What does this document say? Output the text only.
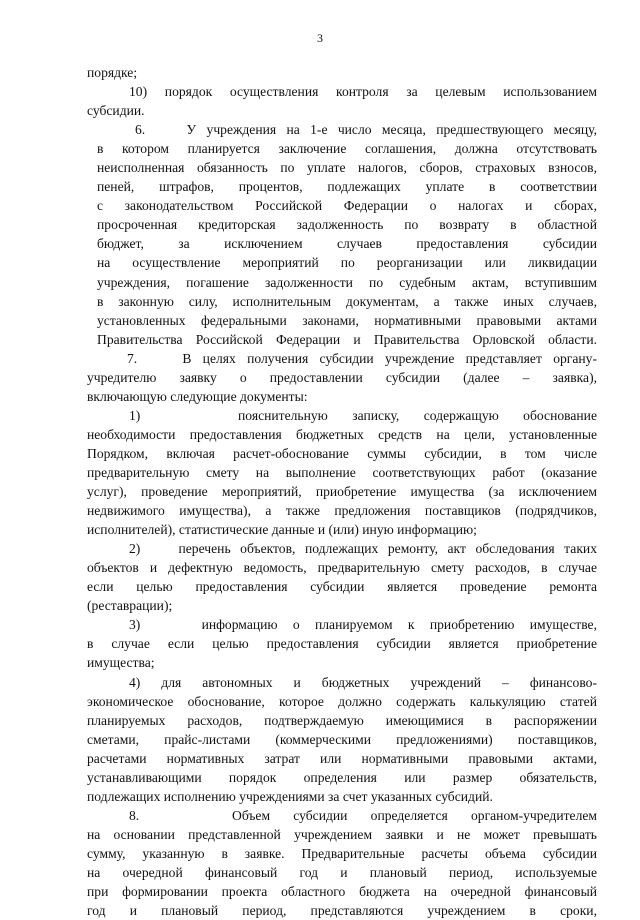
3
порядке;
10) порядок осуществления контроля за целевым использованием
субсидии.
6.    У учреждения на 1-е число месяца, предшествующего месяцу,
в котором планируется заключение соглашения, должна отсутствовать
неисполненная обязанность по уплате налогов, сборов, страховых взносов,
пеней, штрафов, процентов, подлежащих уплате в соответствии
с законодательством Российской Федерации о налогах и сборах,
просроченная кредиторская задолженность по возврату в областной
бюджет, за исключением случаев предоставления субсидии
на осуществление мероприятий по реорганизации или ликвидации
учреждения, погашение задолженности по судебным актам, вступившим
в законную силу, исполнительным документам, а также иных случаев,
установленных федеральными законами, нормативными правовыми актами
Правительства Российской Федерации и Правительства Орловской области.
7.    В целях получения субсидии учреждение представляет органу-
учредителю заявку о предоставлении субсидии (далее – заявка),
включающую следующие документы:
1)    пояснительную записку, содержащую обоснование
необходимости предоставления бюджетных средств на цели, установленные
Порядком, включая расчет-обоснование суммы субсидии, в том числе
предварительную смету на выполнение соответствующих работ (оказание
услуг), проведение мероприятий, приобретение имущества (за исключением
недвижимого имущества), а также предложения поставщиков (подрядчиков,
исполнителей), статистические данные и (или) иную информацию;
2)    перечень объектов, подлежащих ремонту, акт обследования таких
объектов и дефектную ведомость, предварительную смету расходов, в случае
если целью предоставления субсидии является проведение ремонта
(реставрации);
3)    информацию о планируемом к приобретению имуществе,
в случае если целью предоставления субсидии является приобретение
имущества;
4) для автономных и бюджетных учреждений – финансово-
экономическое обоснование, которое должно содержать калькуляцию статей
планируемых расходов, подтверждаемую имеющимися в распоряжении
сметами, прайс-листами (коммерческими предложениями) поставщиков,
расчетами нормативных затрат или нормативными правовыми актами,
устанавливающими порядок определения или размер обязательств,
подлежащих исполнению учреждениями за счет указанных субсидий.
8.    Объем субсидии определяется органом-учредителем
на основании представленной учреждением заявки и не может превышать
сумму, указанную в заявке. Предварительные расчеты объема субсидии
на очередной финансовый год и плановый период, используемые
при формировании проекта областного бюджета на очередной финансовый
год и плановый период, представляются учреждением в сроки,
